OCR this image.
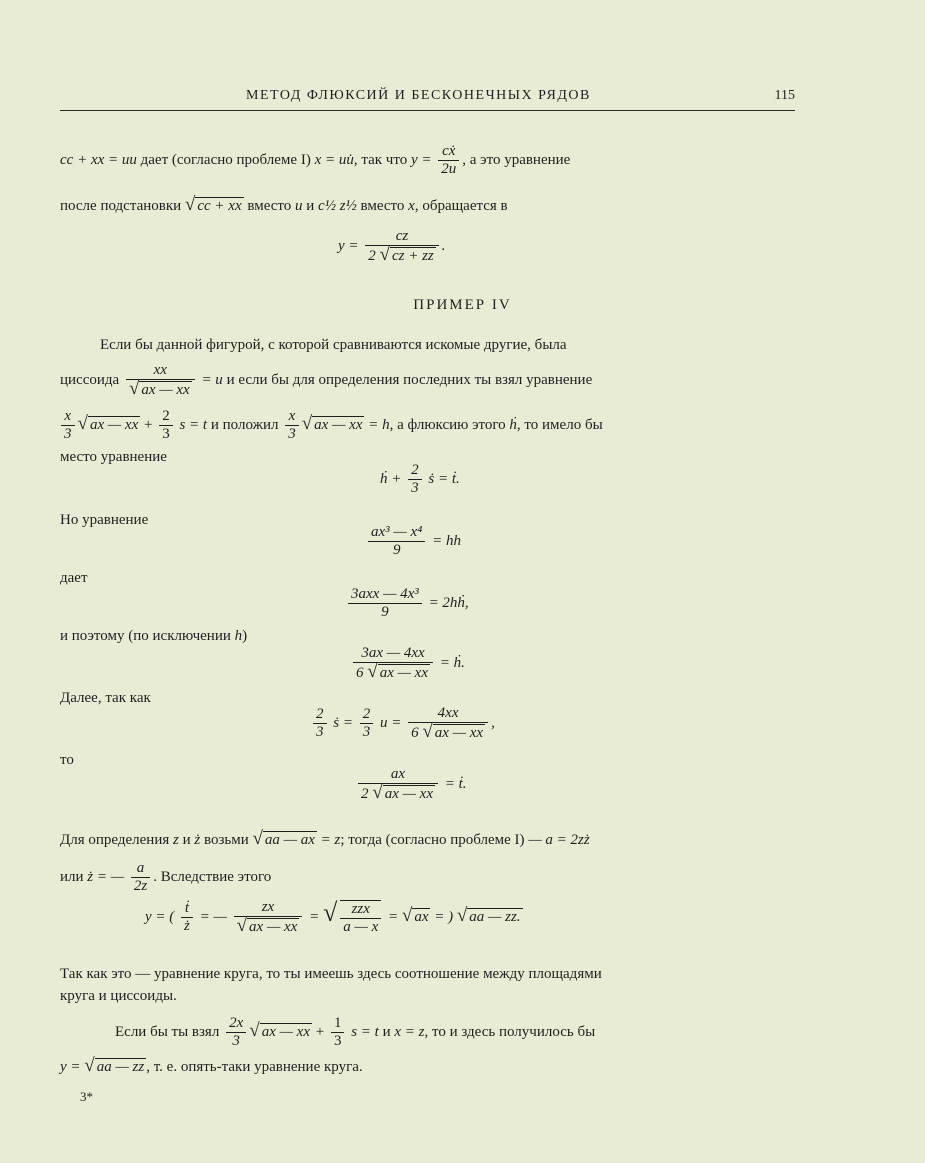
МЕТОД ФЛЮКСИЙ И БЕСКОНЕЧНЫХ РЯДОВ	115
cc + xx = uu дает (согласно проблеме I) x = uu̇, так что $y = \frac{\text{cẋ}}{2u}$ , а это уравнение
после подстановки √ cc + xx вместо u и c½ z½ вместо x, обращается в
$y = \frac{cz}{2 √ cz + zz}$ .
ПРИМЕР IV
Если бы данной фигурой, с которой сравниваются искомые другие, была
циссоида $\frac{xx}{√ ax — xx} = u$ и если бы для определения последних ты взял уравнение
$\frac{x}{3}$ √ ax — xx + $\frac{2}{3}$ s = t и положил $\frac{x}{3}$ √ ax — xx = h, а флюксию этого ḣ, то имело бы
место уравнение
ḣ + $\frac{2}{3}$ ṡ = ṫ.
Но уравнение
$\frac{\text{ax³ — x⁴}}{9}$ = hh
дает
$\frac{\text{3axx — 4x³}}{9}$ = 2hḣ,
и поэтому (по исключении h)
$\frac{3ax — 4xx}{6 √ ax — xx}$ = ḣ.
Далее, так как
$\frac{2}{3}$ ṡ = $\frac{2}{3}$ $u = \frac{4xx}{6 √ ax — xx}$ ,
то
$\frac{ax}{2 √ ax — xx}$ = ṫ.
Для определения z и ż возьми √ aa — ax = z; тогда (согласно проблеме I) — a = 2zż
или ż = — $\frac{a}{2z}$ . Вследствие этого
y = ( $\frac{\text{ṫ}}{ż}$ = — $\frac{zx}{√ ax — xx}$ = √ $\frac{\text{zzx}}{a — x}$ = √ ax = ) √ aa — zz.
Так как это — уравнение круга, то ты имеешь здесь соотношение между площадями
круга и циссоиды.
Если бы ты взял $\frac{2x}{3}$ √ ax — xx + $\frac{1}{3}$ s = t и x = z, то и здесь получилось бы
y = √ aa — zz , т. е. опять-таки уравнение круга.
3*
